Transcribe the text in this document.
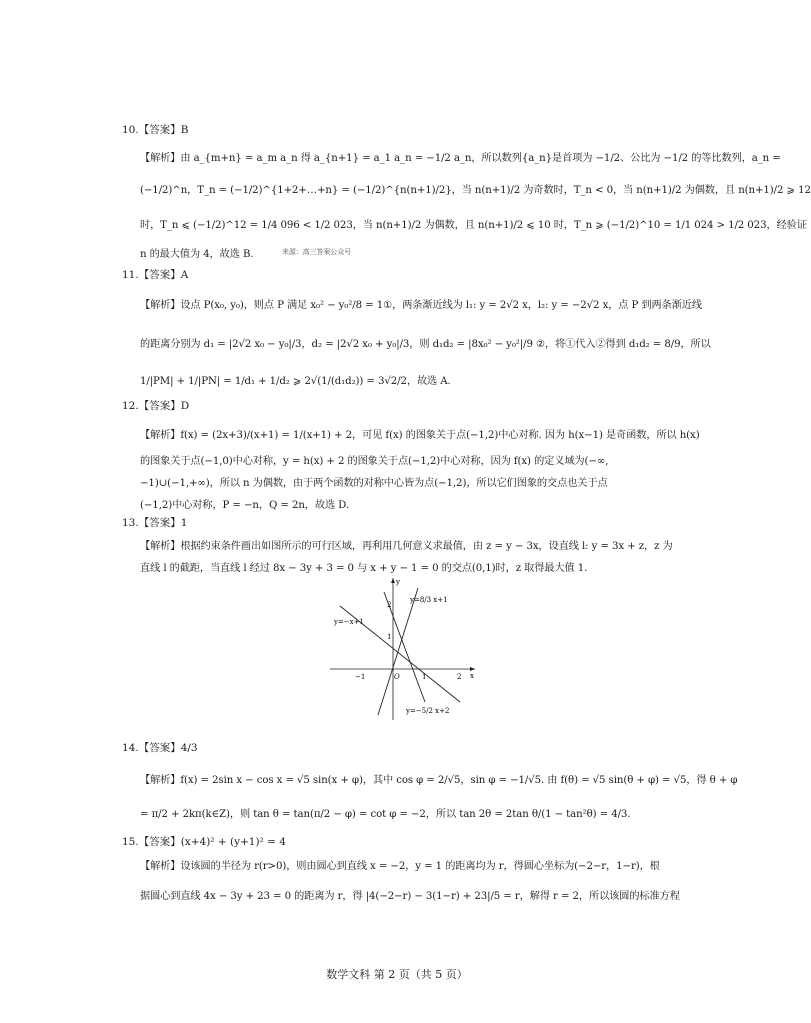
10.【答案】B
【解析】由 a_{m+n} = a_m a_n 得 a_{n+1} = a_1 a_n = −1/2 a_n，所以数列{a_n}是首项为 −1/2、公比为 −1/2 的等比数列，a_n =
(−1/2)^n，T_n = (−1/2)^{1+2+…+n} = (−1/2)^{n(n+1)/2}，当 n(n+1)/2 为奇数时，T_n < 0，当 n(n+1)/2 为偶数，且 n(n+1)/2 ⩾ 12
时，T_n ⩽ (−1/2)^12 = 1/4 096 < 1/2 023，当 n(n+1)/2 为偶数，且 n(n+1)/2 ⩽ 10 时，T_n ⩾ (−1/2)^10 = 1/1 024 > 1/2 023，经验证
n 的最大值为 4，故选 B.	来源：高三答案公众号
11.【答案】A
【解析】设点 P(x₀, y₀)，则点 P 满足 x₀² − y₀²/8 = 1①，两条渐近线为 l₁: y = 2√2 x，l₂: y = −2√2 x，点 P 到两条渐近线
的距离分别为 d₁ = |2√2 x₀ − y₀|/3，d₂ = |2√2 x₀ + y₀|/3，则 d₁d₂ = |8x₀² − y₀²|/9 ②，将①代入②得到 d₁d₂ = 8/9，所以
1/|PM| + 1/|PN| = 1/d₁ + 1/d₂ ⩾ 2√(1/(d₁d₂)) = 3√2/2，故选 A.
12.【答案】D
【解析】f(x) = (2x+3)/(x+1) = 1/(x+1) + 2，可见 f(x) 的图象关于点(−1,2)中心对称. 因为 h(x−1) 是奇函数，所以 h(x)
的图象关于点(−1,0)中心对称，y = h(x) + 2 的图象关于点(−1,2)中心对称，因为 f(x) 的定义域为(−∞,
−1)∪(−1,+∞)，所以 n 为偶数，由于两个函数的对称中心皆为点(−1,2)，所以它们图象的交点也关于点
(−1,2)中心对称，P = −n，Q = 2n，故选 D.
13.【答案】1
【解析】根据约束条件画出如图所示的可行区域，再利用几何意义求最值，由 z = y − 3x，设直线 l: y = 3x + z，z 为
直线 l 的截距，当直线 l 经过 8x − 3y + 3 = 0 与 x + y − 1 = 0 的交点(0,1)时，z 取得最大值 1.
y
x
y=−x+1
y=8/3 x+1
y=−5/2 x+2
−1	O	1	2
1
2
14.【答案】4/3
【解析】f(x) = 2sin x − cos x = √5 sin(x + φ)，其中 cos φ = 2/√5，sin φ = −1/√5. 由 f(θ) = √5 sin(θ + φ) = √5，得 θ + φ
= π/2 + 2kπ(k∈Z)，则 tan θ = tan(π/2 − φ) = cot φ = −2，所以 tan 2θ = 2tan θ/(1 − tan²θ) = 4/3.
15.【答案】(x+4)² + (y+1)² = 4
【解析】设该圆的半径为 r(r>0)，则由圆心到直线 x = −2，y = 1 的距离均为 r，得圆心坐标为(−2−r，1−r)，根
据圆心到直线 4x − 3y + 23 = 0 的距离为 r，得 |4(−2−r) − 3(1−r) + 23|/5 = r，解得 r = 2，所以该圆的标准方程
数学文科 第 2 页（共 5 页）
